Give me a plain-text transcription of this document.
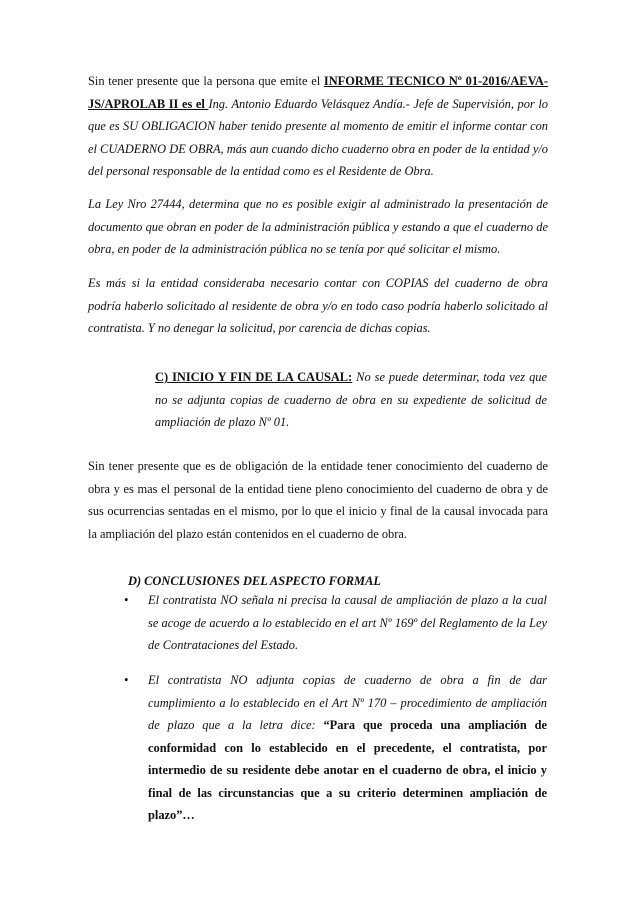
Sin tener presente que la persona que emite el INFORME TECNICO Nº 01-2016/AEVA-JS/APROLAB II es el Ing. Antonio Eduardo Velásquez Andía.- Jefe de Supervisión, por lo que es SU OBLIGACION haber tenido presente al momento de emitir el informe contar con el CUADERNO DE OBRA, más aun cuando dicho cuaderno obra en poder de la entidad y/o del personal responsable de la entidad como es el Residente de Obra.

La Ley Nro 27444, determina que no es posible exigir al administrado la presentación de documento que obran en poder de la administración pública y estando a que el cuaderno de obra, en poder de la administración pública no se tenía por qué solicitar el mismo.

Es más si la entidad consideraba necesario contar con COPIAS del cuaderno de obra podría haberlo solicitado al residente de obra y/o en todo caso podría haberlo solicitado al contratista. Y no denegar la solicitud, por carencia de dichas copias.

C) INICIO Y FIN DE LA CAUSAL: No se puede determinar, toda vez que no se adjunta copias de cuaderno de obra en su expediente de solicitud de ampliación de plazo Nº 01.

Sin tener presente que es de obligación de la entidade tener conocimiento del cuaderno de obra y es mas el personal de la entidad tiene pleno conocimiento del cuaderno de obra y de sus ocurrencias sentadas en el mismo, por lo que el inicio y final de la causal invocada para la ampliación del plazo están contenidos en el cuaderno de obra.

D) CONCLUSIONES DEL ASPECTO FORMAL

• El contratista NO señala ni precisa la causal de ampliación de plazo a la cual se acoge de acuerdo a lo establecido en el art Nº 169º del Reglamento de la Ley de Contrataciones del Estado.

• El contratista NO adjunta copias de cuaderno de obra a fin de dar cumplimiento a lo establecido en el Art Nº 170 – procedimiento de ampliación de plazo que a la letra dice: “Para que proceda una ampliación de conformidad con lo establecido en el precedente, el contratista, por intermedio de su residente debe anotar en el cuaderno de obra, el inicio y final de las circunstancias que a su criterio determinen ampliación de plazo”…
